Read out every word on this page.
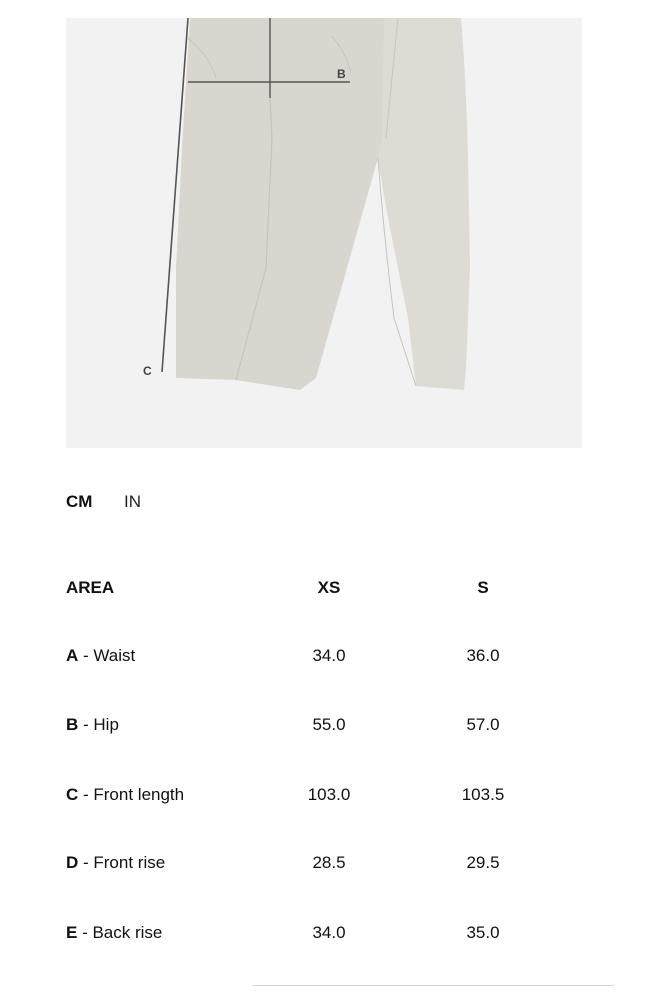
B
C
CM IN
AREA	XS	S
A - Waist	34.0	36.0
B - Hip	55.0	57.0
C - Front length	103.0	103.5
D - Front rise	28.5	29.5
E - Back rise	34.0	35.0
